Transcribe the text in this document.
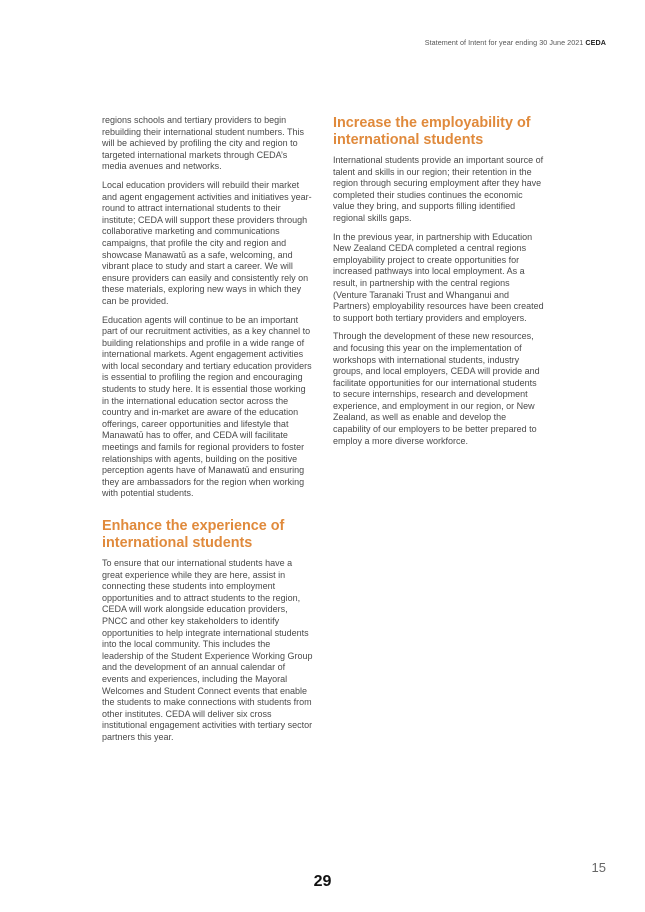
Statement of Intent for year ending 30 June 2021 CEDA

regions schools and tertiary providers to begin rebuilding their international student numbers. This will be achieved by profiling the city and region to targeted international markets through CEDA’s media avenues and networks.

Local education providers will rebuild their market and agent engagement activities and initiatives year-round to attract international students to their institute; CEDA will support these providers through collaborative marketing and communications campaigns, that profile the city and region and showcase Manawatū as a safe, welcoming, and vibrant place to study and start a career. We will ensure providers can easily and consistently rely on these materials, exploring new ways in which they can be provided.

Education agents will continue to be an important part of our recruitment activities, as a key channel to building relationships and profile in a wide range of international markets. Agent engagement activities with local secondary and tertiary education providers is essential to profiling the region and encouraging students to study here. It is essential those working in the international education sector across the country and in-market are aware of the education offerings, career opportunities and lifestyle that Manawatū has to offer, and CEDA will facilitate meetings and famils for regional providers to foster relationships with agents, building on the positive perception agents have of Manawatū and ensuring they are ambassadors for the region when working with potential students.

Enhance the experience of international students

To ensure that our international students have a great experience while they are here, assist in connecting these students into employment opportunities and to attract students to the region, CEDA will work alongside education providers, PNCC and other key stakeholders to identify opportunities to help integrate international students into the local community. This includes the leadership of the Student Experience Working Group and the development of an annual calendar of events and experiences, including the Mayoral Welcomes and Student Connect events that enable the students to make connections with students from other institutes. CEDA will deliver six cross institutional engagement activities with tertiary sector partners this year.

Increase the employability of international students

International students provide an important source of talent and skills in our region; their retention in the region through securing employment after they have completed their studies continues the economic value they bring, and supports filling identified regional skills gaps.

In the previous year, in partnership with Education New Zealand CEDA completed a central regions employability project to create opportunities for increased pathways into local employment. As a result, in partnership with the central regions (Venture Taranaki Trust and Whanganui and Partners) employability resources have been created to support both tertiary providers and employers.

Through the development of these new resources, and focusing this year on the implementation of workshops with international students, industry groups, and local employers, CEDA will provide and facilitate opportunities for our international students to secure internships, research and development experience, and employment in our region, or New Zealand, as well as enable and develop the capability of our employers to be better prepared to employ a more diverse workforce.

15
29
